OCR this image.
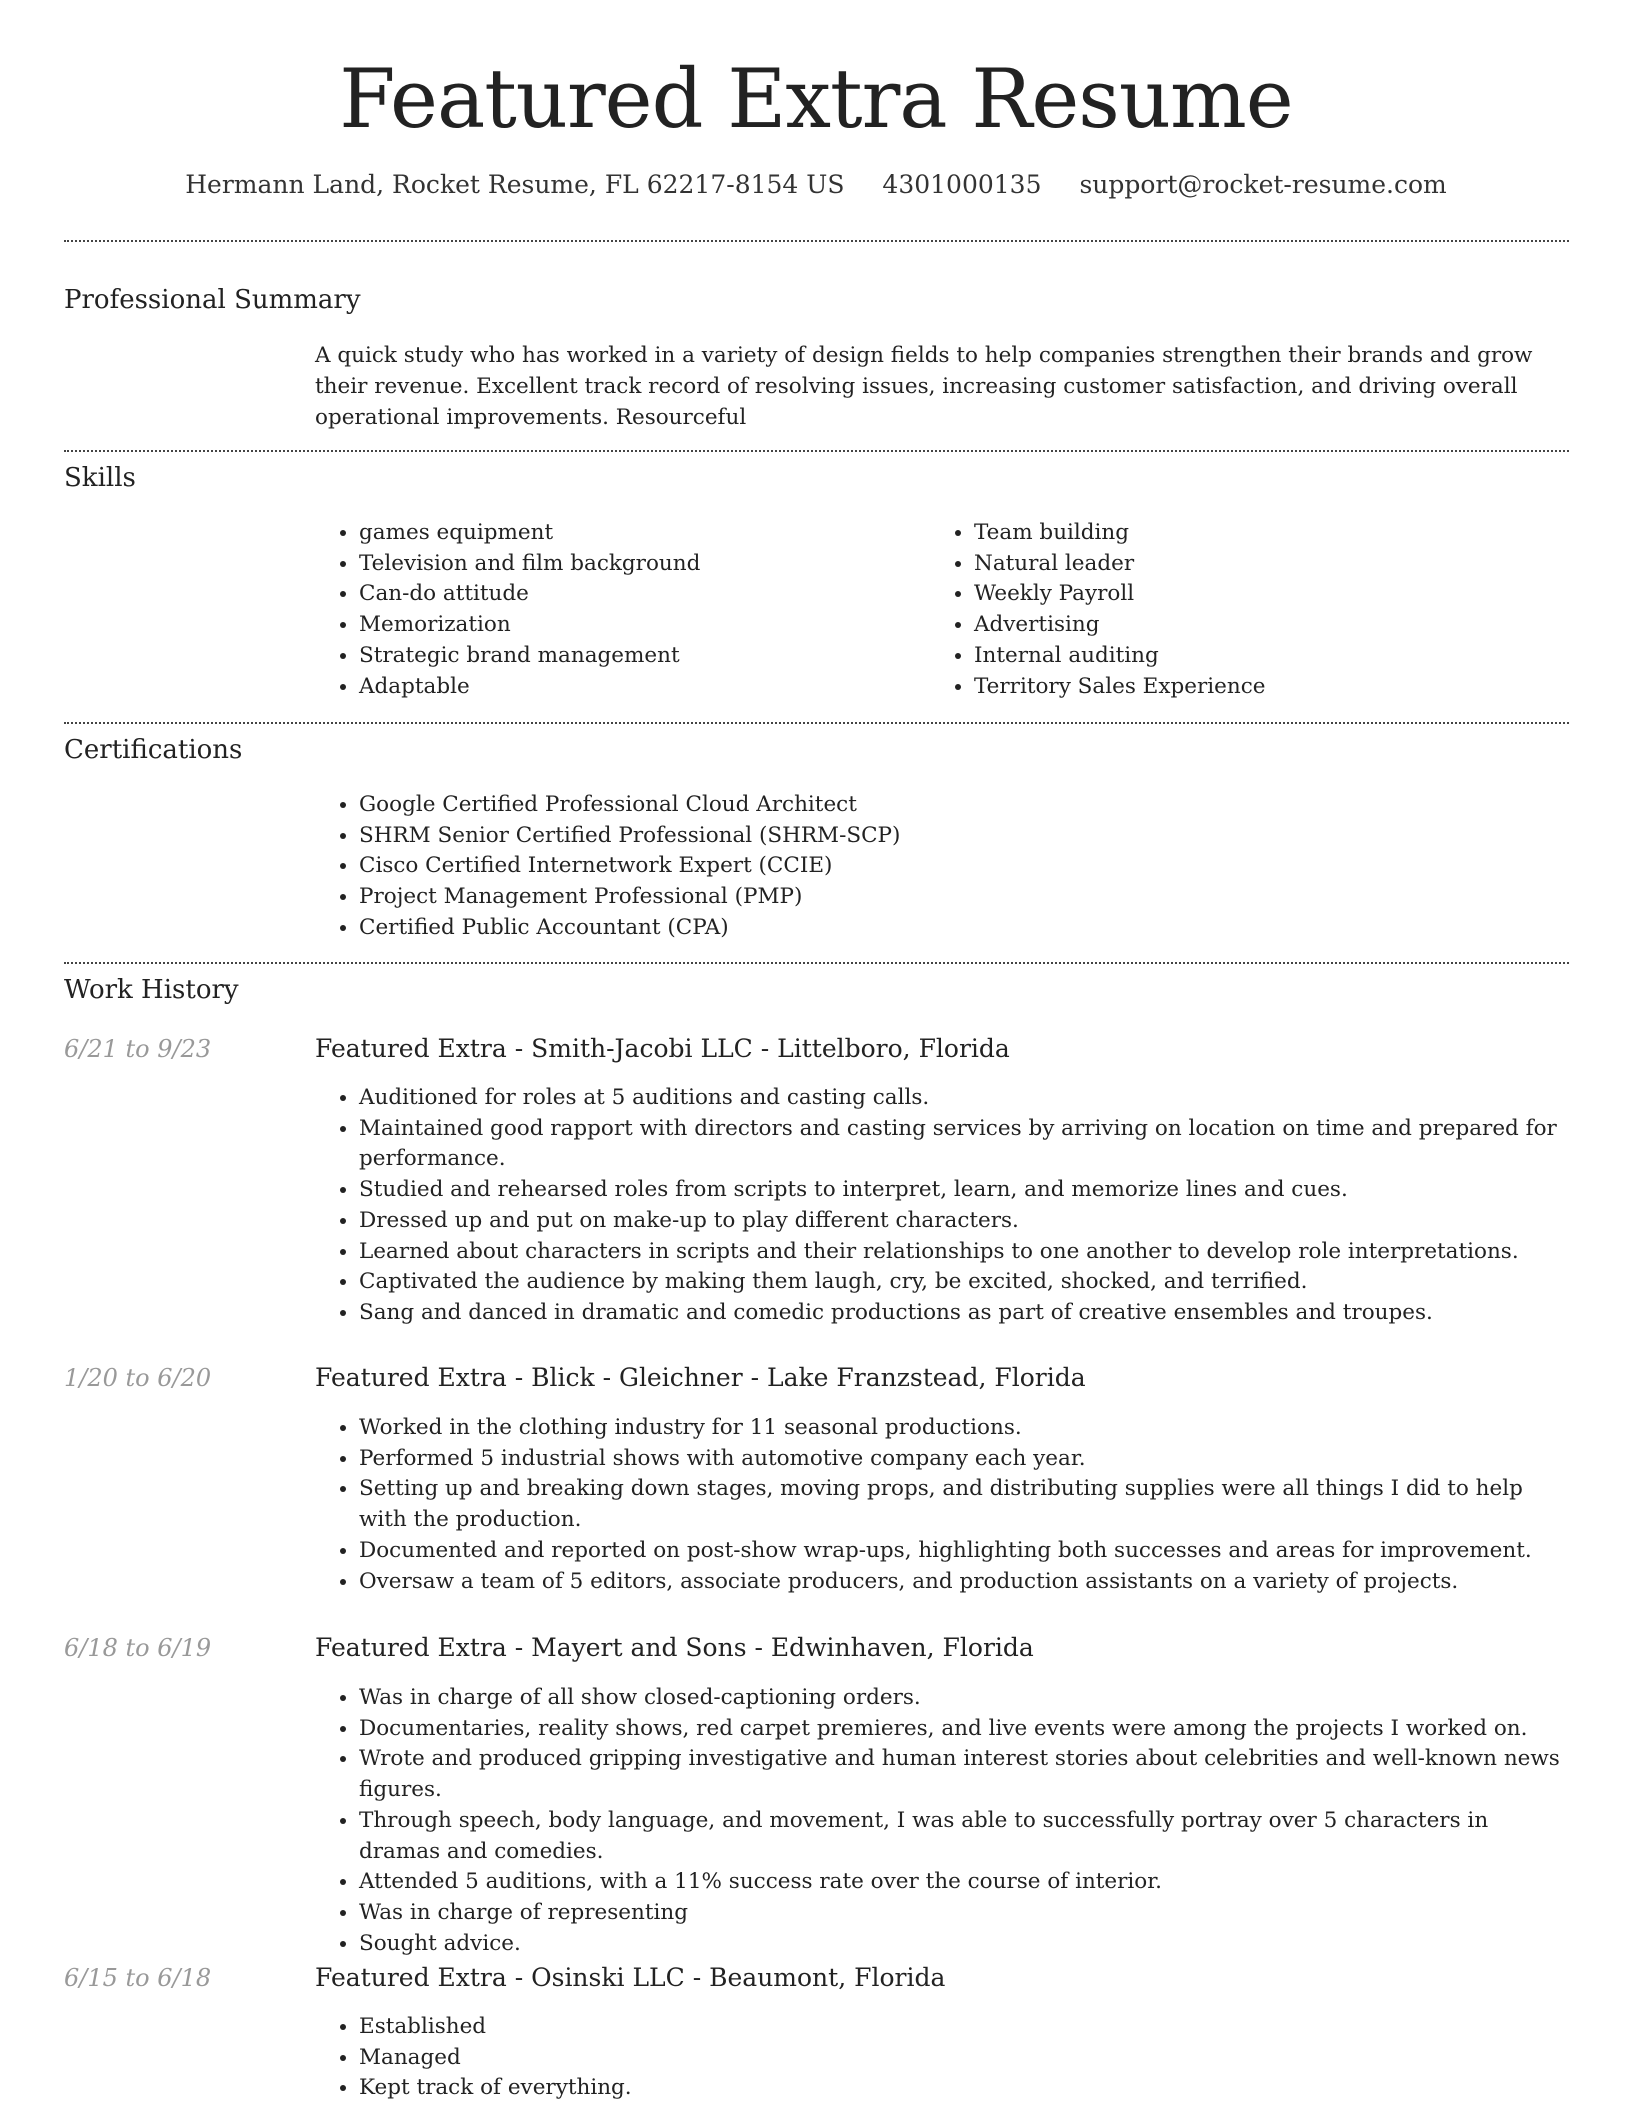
Featured Extra Resume
Hermann Land, Rocket Resume, FL 62217-8154 US 4301000135 support@rocket-resume.com
Professional Summary
A quick study who has worked in a variety of design fields to help companies strengthen their brands and grow their revenue. Excellent track record of resolving issues, increasing customer satisfaction, and driving overall operational improvements. Resourceful
Skills
• games equipment
• Television and film background
• Can-do attitude
• Memorization
• Strategic brand management
• Adaptable
• Team building
• Natural leader
• Weekly Payroll
• Advertising
• Internal auditing
• Territory Sales Experience
Certifications
• Google Certified Professional Cloud Architect
• SHRM Senior Certified Professional (SHRM-SCP)
• Cisco Certified Internetwork Expert (CCIE)
• Project Management Professional (PMP)
• Certified Public Accountant (CPA)
Work History
6/21 to 9/23	Featured Extra - Smith-Jacobi LLC - Littelboro, Florida
• Auditioned for roles at 5 auditions and casting calls.
• Maintained good rapport with directors and casting services by arriving on location on time and prepared for performance.
• Studied and rehearsed roles from scripts to interpret, learn, and memorize lines and cues.
• Dressed up and put on make-up to play different characters.
• Learned about characters in scripts and their relationships to one another to develop role interpretations.
• Captivated the audience by making them laugh, cry, be excited, shocked, and terrified.
• Sang and danced in dramatic and comedic productions as part of creative ensembles and troupes.
1/20 to 6/20	Featured Extra - Blick - Gleichner - Lake Franzstead, Florida
• Worked in the clothing industry for 11 seasonal productions.
• Performed 5 industrial shows with automotive company each year.
• Setting up and breaking down stages, moving props, and distributing supplies were all things I did to help with the production.
• Documented and reported on post-show wrap-ups, highlighting both successes and areas for improvement.
• Oversaw a team of 5 editors, associate producers, and production assistants on a variety of projects.
6/18 to 6/19	Featured Extra - Mayert and Sons - Edwinhaven, Florida
• Was in charge of all show closed-captioning orders.
• Documentaries, reality shows, red carpet premieres, and live events were among the projects I worked on.
• Wrote and produced gripping investigative and human interest stories about celebrities and well-known news figures.
• Through speech, body language, and movement, I was able to successfully portray over 5 characters in dramas and comedies.
• Attended 5 auditions, with a 11% success rate over the course of interior.
• Was in charge of representing
• Sought advice.
6/15 to 6/18	Featured Extra - Osinski LLC - Beaumont, Florida
• Established
• Managed
• Kept track of everything.
